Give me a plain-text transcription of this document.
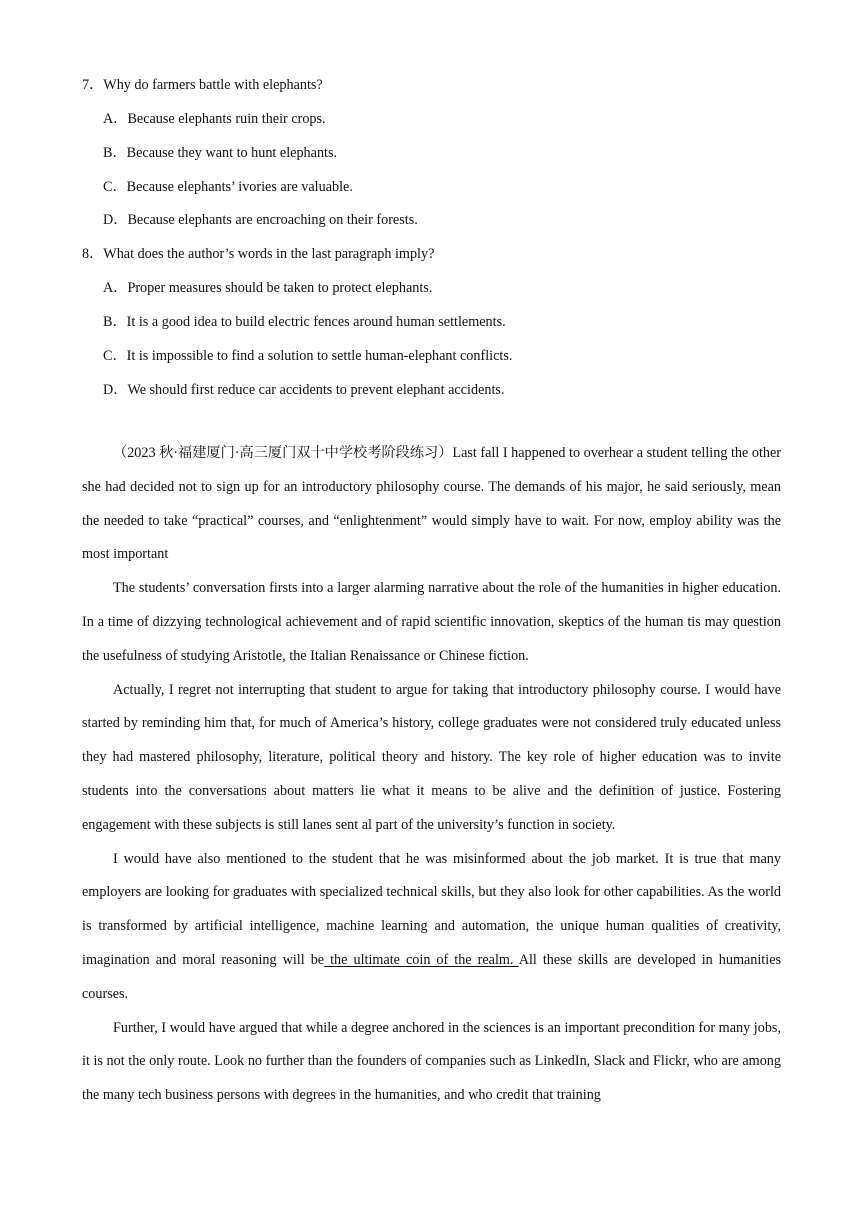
7．Why do farmers battle with elephants?
A．Because elephants ruin their crops.
B．Because they want to hunt elephants.
C．Because elephants’ ivories are valuable.
D．Because elephants are encroaching on their forests.
8．What does the author’s words in the last paragraph imply?
A．Proper measures should be taken to protect elephants.
B．It is a good idea to build electric fences around human settlements.
C．It is impossible to find a solution to settle human-elephant conflicts.
D．We should first reduce car accidents to prevent elephant accidents.

（2023 秋·福建厦门·高三厦门双十中学校考阶段练习）Last fall I happened to overhear a student telling the other she had decided not to sign up for an introductory philosophy course. The demands of his major, he said seriously, mean the needed to take “practical” courses, and “enlightenment” would simply have to wait. For now, employ ability was the most important

The students’ conversation firsts into a larger alarming narrative about the role of the humanities in higher education. In a time of dizzying technological achievement and of rapid scientific innovation, skeptics of the human tis may question the usefulness of studying Aristotle, the Italian Renaissance or Chinese fiction.

Actually, I regret not interrupting that student to argue for taking that introductory philosophy course. I would have started by reminding him that, for much of America’s history, college graduates were not considered truly educated unless they had mastered philosophy, literature, political theory and history. The key role of higher education was to invite students into the conversations about matters lie what it means to be alive and the definition of justice. Fostering engagement with these subjects is still lanes sent al part of the university’s function in society.

I would have also mentioned to the student that he was misinformed about the job market. It is true that many employers are looking for graduates with specialized technical skills, but they also look for other capabilities. As the world is transformed by artificial intelligence, machine learning and automation, the unique human qualities of creativity, imagination and moral reasoning will be the ultimate coin of the realm. All these skills are developed in humanities courses.

Further, I would have argued that while a degree anchored in the sciences is an important precondition for many jobs, it is not the only route. Look no further than the founders of companies such as LinkedIn, Slack and Flickr, who are among the many tech business persons with degrees in the humanities, and who credit that training
